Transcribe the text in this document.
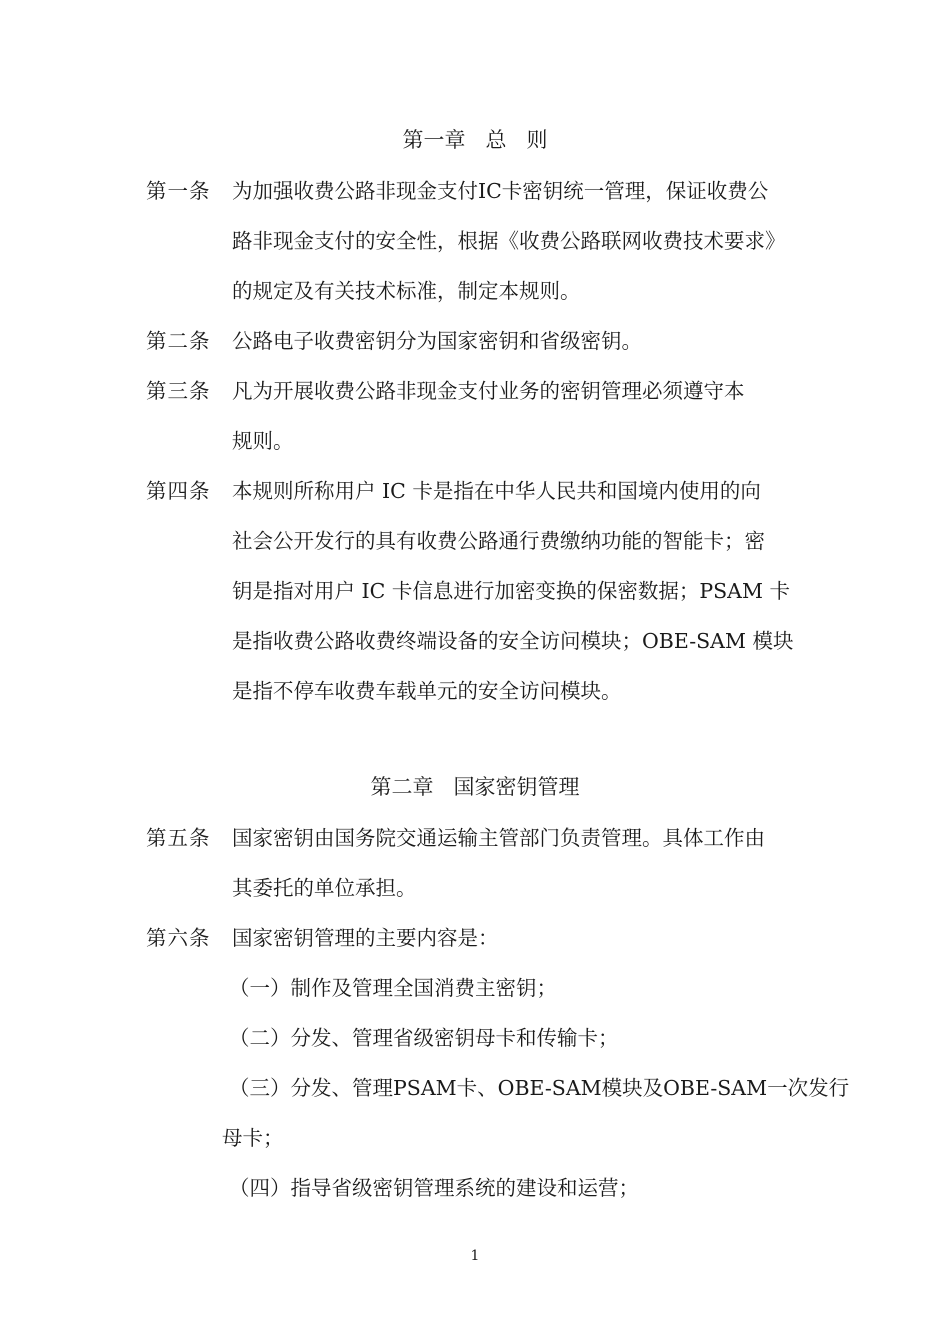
第一章   总   则
第一条 为加强收费公路非现金支付IC卡密钥统一管理，保证收费公
路非现金支付的安全性，根据《收费公路联网收费技术要求》
的规定及有关技术标准，制定本规则。
第二条 公路电子收费密钥分为国家密钥和省级密钥。
第三条 凡为开展收费公路非现金支付业务的密钥管理必须遵守本
规则。
第四条 本规则所称用户 IC 卡是指在中华人民共和国境内使用的向
社会公开发行的具有收费公路通行费缴纳功能的智能卡；密
钥是指对用户 IC 卡信息进行加密变换的保密数据；PSAM 卡
是指收费公路收费终端设备的安全访问模块；OBE-SAM 模块
是指不停车收费车载单元的安全访问模块。
第二章   国家密钥管理
第五条 国家密钥由国务院交通运输主管部门负责管理。具体工作由
其委托的单位承担。
第六条 国家密钥管理的主要内容是：
（一）制作及管理全国消费主密钥；
（二）分发、管理省级密钥母卡和传输卡；
（三）分发、管理PSAM卡、OBE-SAM模块及OBE-SAM一次发行
母卡；
（四）指导省级密钥管理系统的建设和运营；
1
